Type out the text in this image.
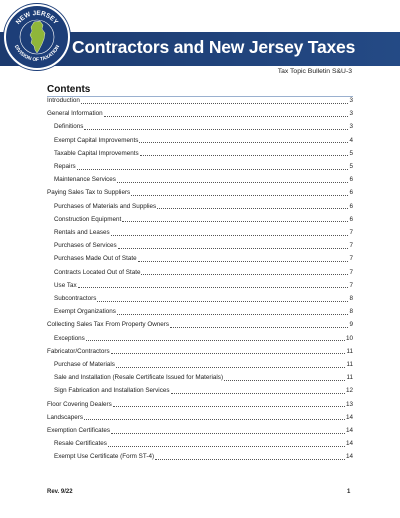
NEW JERSEY
DIVISION OF TAXATION Contractors and New Jersey Taxes
Tax Topic Bulletin S&U-3
Contents
Introduction	3
General Information	3
Definitions	3
Exempt Capital Improvements	4
Taxable Capital Improvements	5
Repairs	5
Maintenance Services	6
Paying Sales Tax to Suppliers	6
Purchases of Materials and Supplies	6
Construction Equipment	6
Rentals and Leases	7
Purchases of Services	7
Purchases Made Out of State	7
Contracts Located Out of State	7
Use Tax	7
Subcontractors	8
Exempt Organizations	8
Collecting Sales Tax From Property Owners	9
Exceptions	10
Fabricator/Contractors	11
Purchase of Materials	11
Sale and Installation (Resale Certificate Issued for Materials)	11
Sign Fabrication and Installation Services	12
Floor Covering Dealers	13
Landscapers	14
Exemption Certificates	14
Resale Certificates	14
Exempt Use Certificate (Form ST-4)	14
Rev. 9/22	1
